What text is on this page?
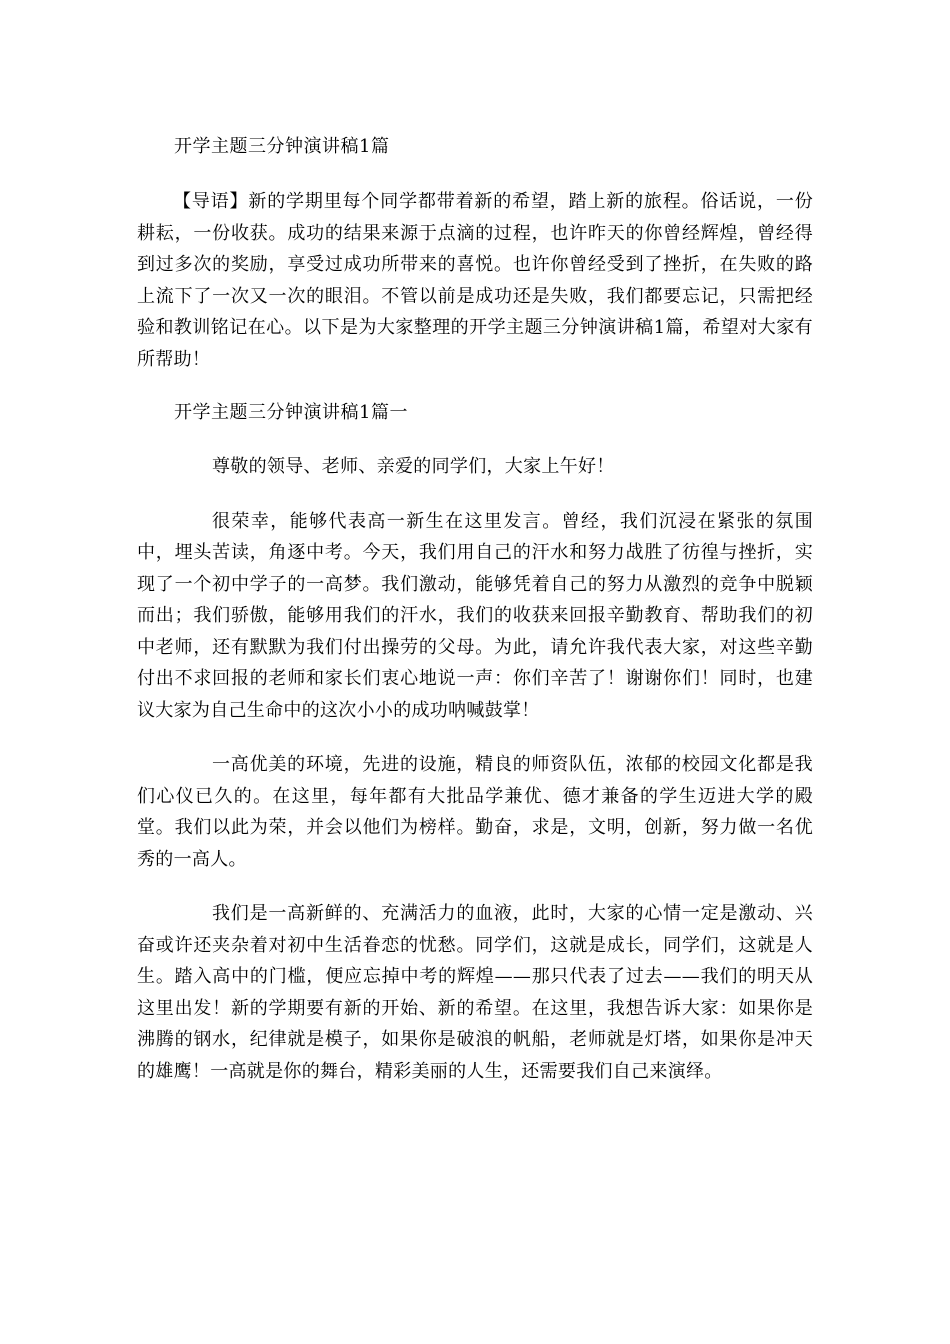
开学主题三分钟演讲稿1篇

【导语】新的学期里每个同学都带着新的希望，踏上新的旅程。俗话说，一份耕耘，一份收获。成功的结果来源于点滴的过程，也许昨天的你曾经辉煌，曾经得到过多次的奖励，享受过成功所带来的喜悦。也许你曾经受到了挫折，在失败的路上流下了一次又一次的眼泪。不管以前是成功还是失败，我们都要忘记，只需把经验和教训铭记在心。以下是为大家整理的开学主题三分钟演讲稿1篇，希望对大家有所帮助！

开学主题三分钟演讲稿1篇一

尊敬的领导、老师、亲爱的同学们，大家上午好！

很荣幸，能够代表高一新生在这里发言。曾经，我们沉浸在紧张的氛围中，埋头苦读，角逐中考。今天，我们用自己的汗水和努力战胜了彷徨与挫折，实现了一个初中学子的一高梦。我们激动，能够凭着自己的努力从激烈的竞争中脱颖而出；我们骄傲，能够用我们的汗水，我们的收获来回报辛勤教育、帮助我们的初中老师，还有默默为我们付出操劳的父母。为此，请允许我代表大家，对这些辛勤付出不求回报的老师和家长们衷心地说一声：你们辛苦了！谢谢你们！同时，也建议大家为自己生命中的这次小小的成功呐喊鼓掌！

一高优美的环境，先进的设施，精良的师资队伍，浓郁的校园文化都是我们心仪已久的。在这里，每年都有大批品学兼优、德才兼备的学生迈进大学的殿堂。我们以此为荣，并会以他们为榜样。勤奋，求是，文明，创新，努力做一名优秀的一高人。

我们是一高新鲜的、充满活力的血液，此时，大家的心情一定是激动、兴奋或许还夹杂着对初中生活眷恋的忧愁。同学们，这就是成长，同学们，这就是人生。踏入高中的门槛，便应忘掉中考的辉煌——那只代表了过去——我们的明天从这里出发！新的学期要有新的开始、新的希望。在这里，我想告诉大家：如果你是沸腾的钢水，纪律就是模子，如果你是破浪的帆船，老师就是灯塔，如果你是冲天的雄鹰！一高就是你的舞台，精彩美丽的人生，还需要我们自己来演绎。
